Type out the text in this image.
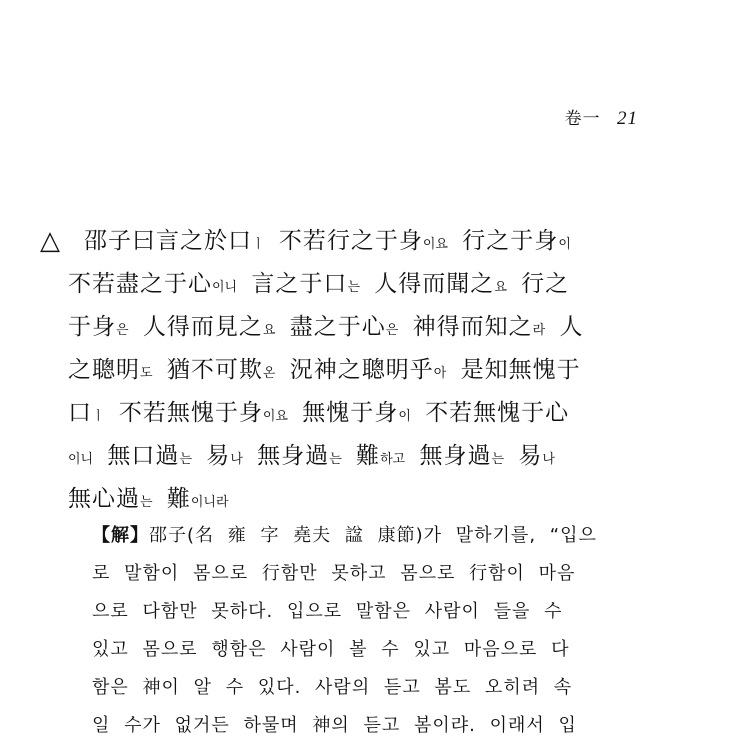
卷一 21
△	邵子曰言之於口ㅣ 不若行之于身이요 行之于身이
不若盡之于心이니 言之于口는 人得而聞之요 行之
于身은 人得而見之요 盡之于心은 神得而知之라 人
之聰明도 猶不可欺온 況神之聰明乎아 是知無愧于
口ㅣ 不若無愧于身이요 無愧于身이 不若無愧于心
이니 無口過는 易나 無身過는 難하고 無身過는 易나
無心過는 難이니라
【解】邵子(名 雍 字 堯夫 諡 康節)가 말하기를, “입으
로 말함이 몸으로 行함만 못하고 몸으로 行함이 마음
으로 다함만 못하다. 입으로 말함은 사람이 들을 수
있고 몸으로 행함은 사람이 볼 수 있고 마음으로 다
함은 神이 알 수 있다. 사람의 듣고 봄도 오히려 속
일 수가 없거든 하물며 神의 듣고 봄이랴. 이래서 입
